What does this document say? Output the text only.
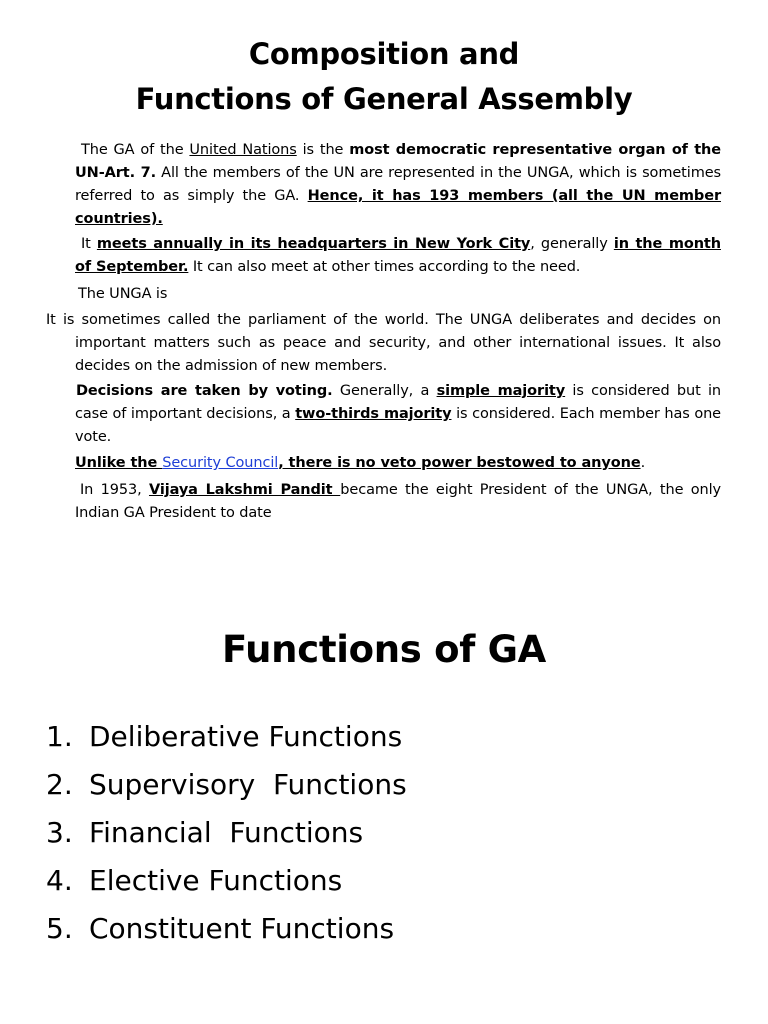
Composition and
Functions of General Assembly
The GA of the United Nations is the most democratic representative organ of the UN-Art. 7. All the members of the UN are represented in the UNGA, which is sometimes referred to as simply the GA. Hence, it has 193 members (all the UN member countries).
It meets annually in its headquarters in New York City, generally in the month of September. It can also meet at other times according to the need.
The UNGA is
It is sometimes called the parliament of the world. The UNGA deliberates and decides on important matters such as peace and security, and other international issues. It also decides on the admission of new members.
Decisions are taken by voting. Generally, a simple majority is considered but in case of important decisions, a two-thirds majority is considered. Each member has one vote.
Unlike the Security Council, there is no veto power bestowed to anyone.
In 1953, Vijaya Lakshmi Pandit became the eight President of the UNGA, the only Indian GA President to date
Functions of GA
1. Deliberative Functions
2. Supervisory  Functions
3. Financial  Functions
4. Elective Functions
5. Constituent Functions
